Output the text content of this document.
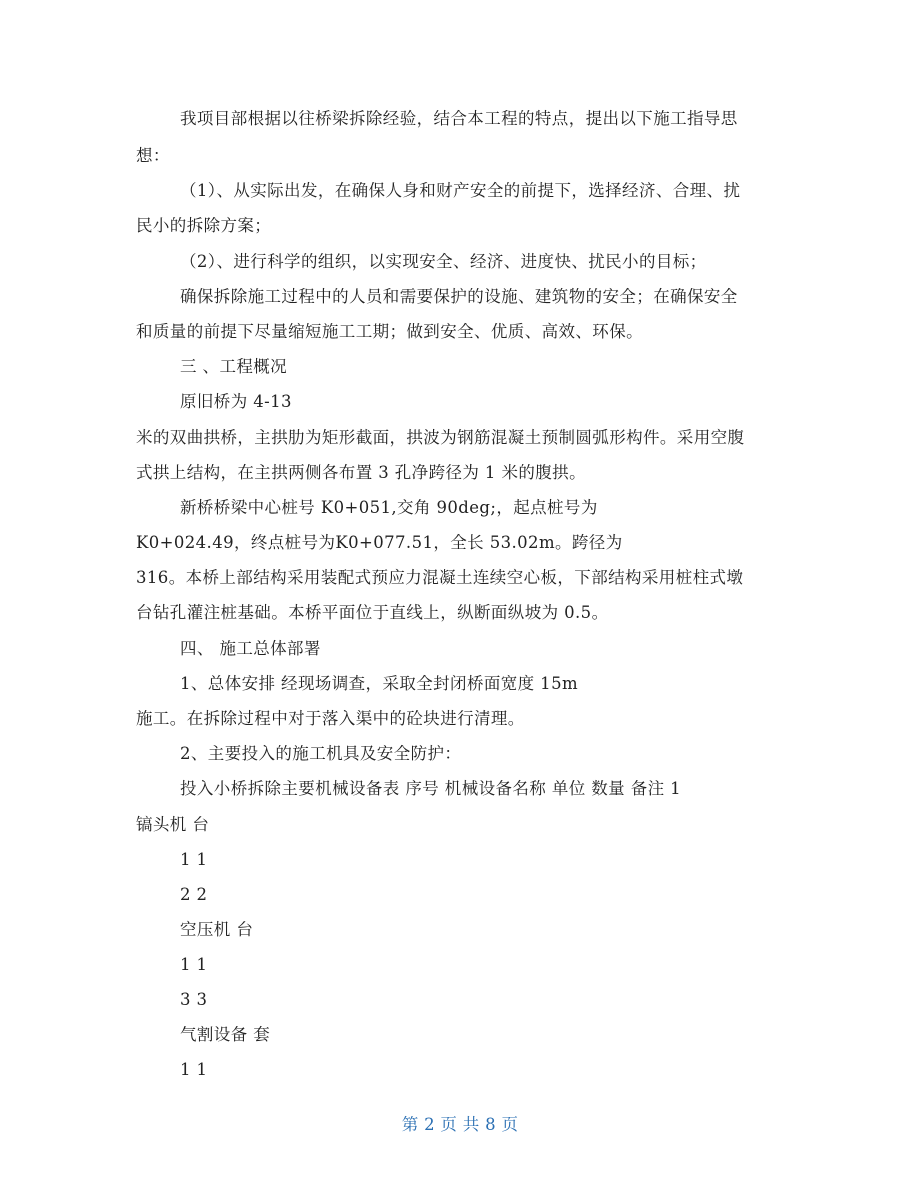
我项目部根据以往桥梁拆除经验，结合本工程的特点，提出以下施工指导思
想：
（1）、从实际出发，在确保人身和财产安全的前提下，选择经济、合理、扰
民小的拆除方案；
（2）、进行科学的组织，以实现安全、经济、进度快、扰民小的目标；
确保拆除施工过程中的人员和需要保护的设施、建筑物的安全；在确保安全
和质量的前提下尽量缩短施工工期；做到安全、优质、高效、环保。
三 、工程概况
原旧桥为 4-13
米的双曲拱桥，主拱肋为矩形截面，拱波为钢筋混凝土预制圆弧形构件。采用空腹
式拱上结构，在主拱两侧各布置 3 孔净跨径为 1 米的腹拱。
新桥桥梁中心桩号 K0+051,交角 90deg;，起点桩号为
K0+024.49，终点桩号为K0+077.51，全长 53.02m。跨径为
316。本桥上部结构采用装配式预应力混凝土连续空心板，下部结构采用桩柱式墩
台钻孔灌注桩基础。本桥平面位于直线上，纵断面纵坡为 0.5。
四、 施工总体部署
1、总体安排 经现场调查，采取全封闭桥面宽度 15m
施工。在拆除过程中对于落入渠中的砼块进行清理。
2、主要投入的施工机具及安全防护：
投入小桥拆除主要机械设备表 序号 机械设备名称 单位 数量 备注 1
镐头机 台
1 1
2 2
空压机 台
1 1
3 3
气割设备 套
1 1
第 2 页 共 8 页
